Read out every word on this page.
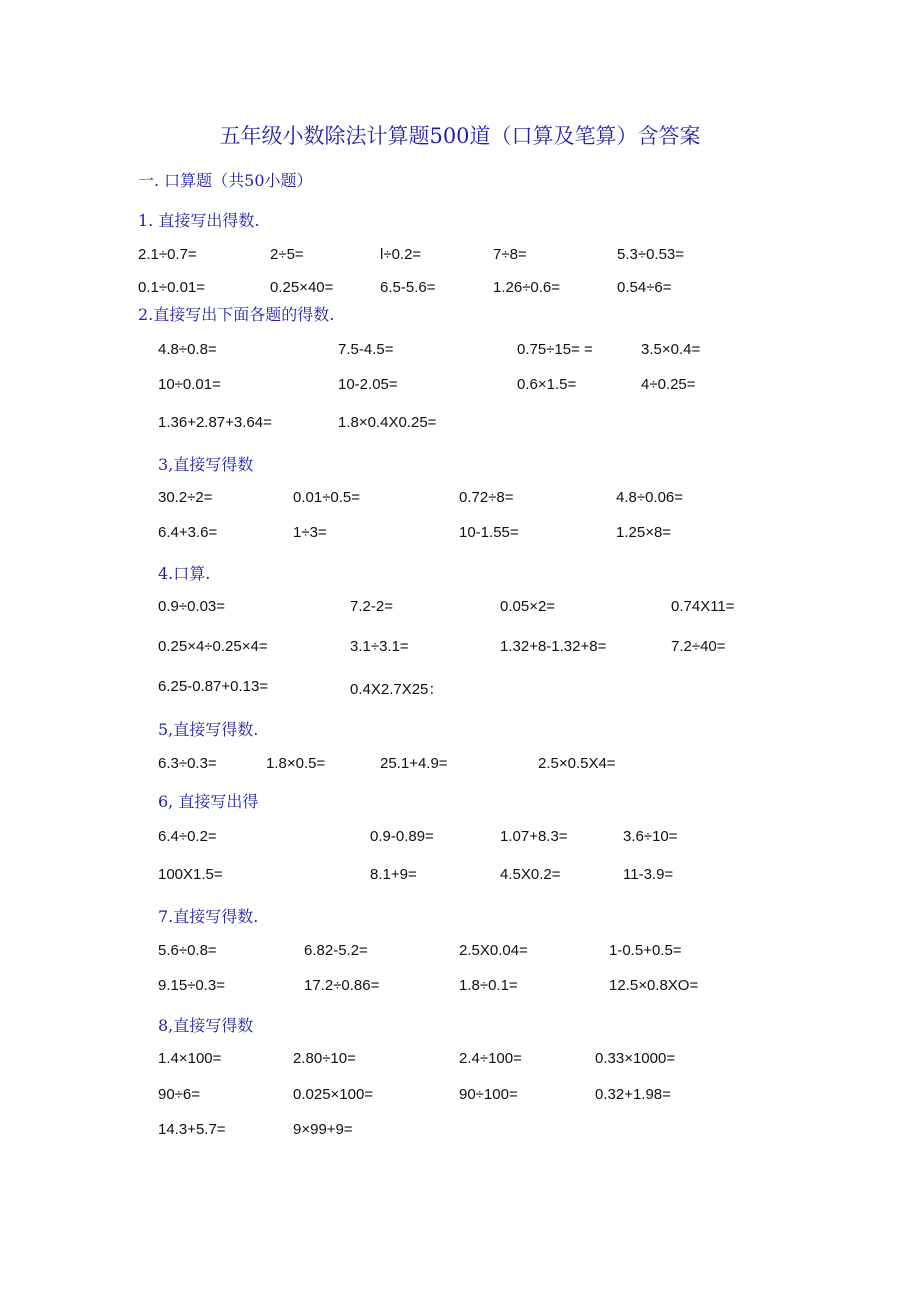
五年级小数除法计算题500道（口算及笔算）含答案
一. 口算题（共50小题）
1. 直接写出得数.
2.1÷0.7=	2÷5=	l÷0.2=	7÷8=	5.3÷0.53=
0.1÷0.01=	0.25×40=	6.5-5.6=	1.26÷0.6=	0.54÷6=
2.直接写出下面各题的得数.
4.8÷0.8=	7.5-4.5=	0.75÷15= =	3.5×0.4=
10÷0.01=	10-2.05=	0.6×1.5=	4÷0.25=
1.36+2.87+3.64=	1.8×0.4X0.25=
3,直接写得数
30.2÷2=	0.01÷0.5=	0.72÷8=	4.8÷0.06=
6.4+3.6=	1÷3=	10-1.55=	1.25×8=
4.口算.
0.9÷0.03=	7.2-2=	0.05×2=	0.74X11=
0.25×4÷0.25×4=	3.1÷3.1=	1.32+8-1.32+8=	7.2÷40=
6.25-0.87+0.13=	0.4X2.7X25：
5,直接写得数.
6.3÷0.3=	1.8×0.5=	25.1+4.9=	2.5×0.5X4=
6, 直接写出得
6.4÷0.2=	0.9-0.89=	1.07+8.3=	3.6÷10=
100X1.5=	8.1+9=	4.5X0.2=	11-3.9=
7.直接写得数.
5.6÷0.8=	6.82-5.2=	2.5X0.04=	1-0.5+0.5=
9.15÷0.3=	17.2÷0.86=	1.8÷0.1=	12.5×0.8XO=
8,直接写得数
1.4×100=	2.80÷10=	2.4÷100=	0.33×1000=
90÷6=	0.025×100=	90÷100=	0.32+1.98=
14.3+5.7=	9×99+9=
